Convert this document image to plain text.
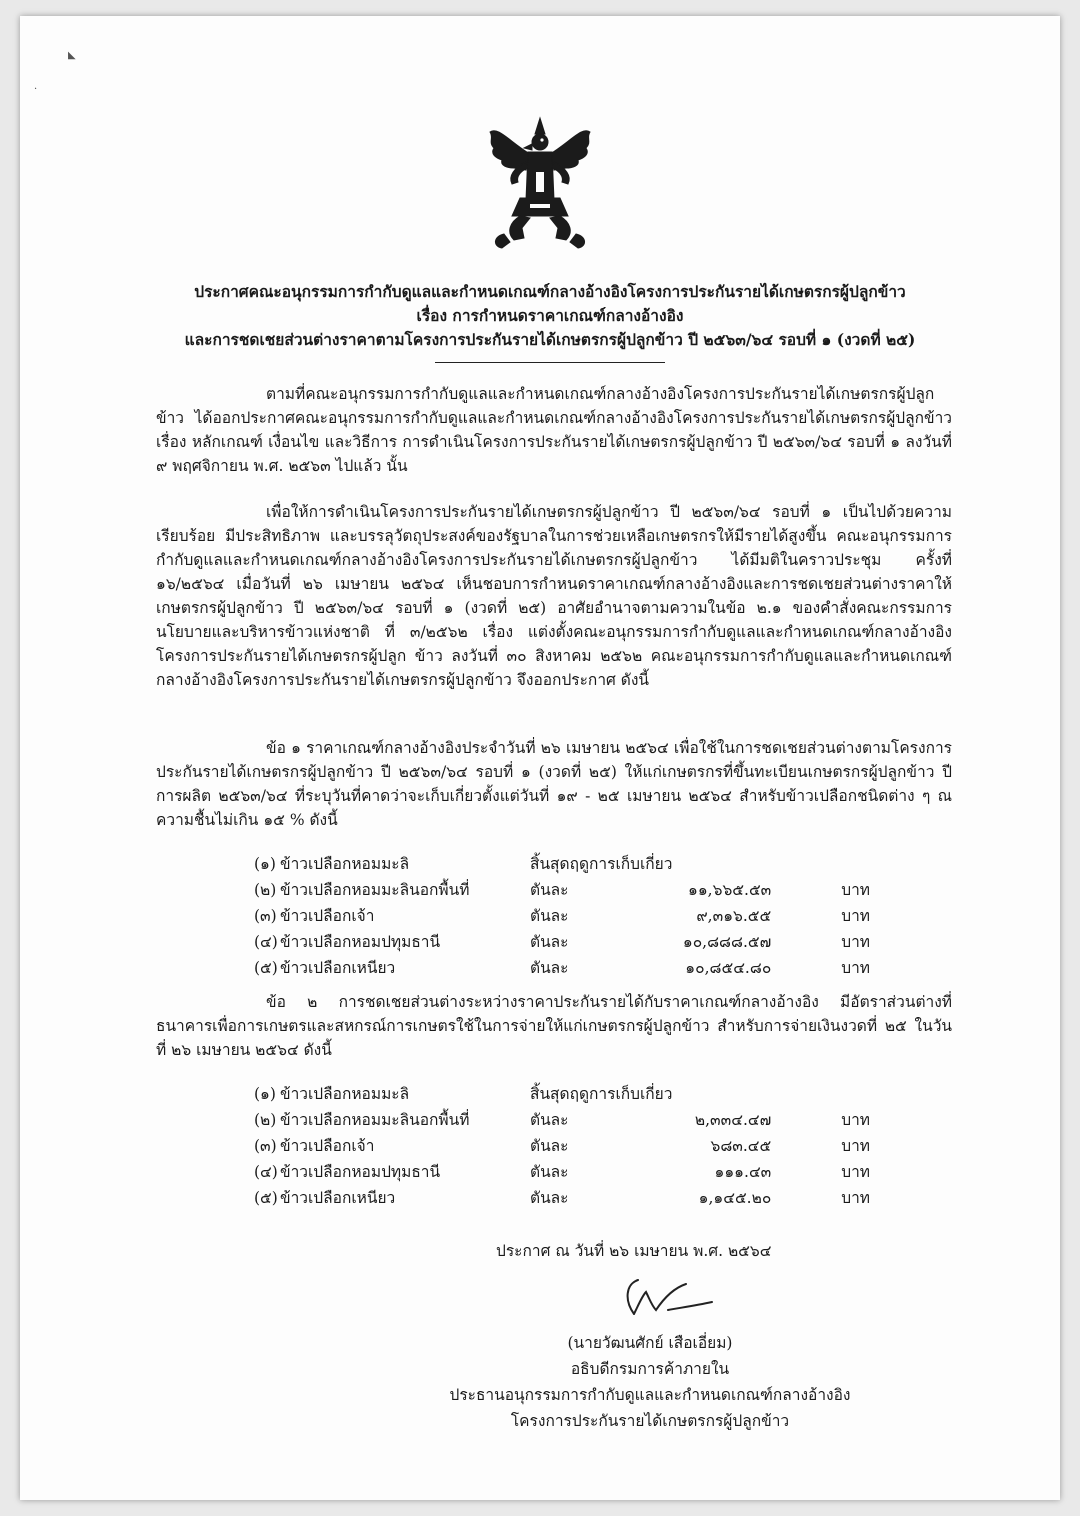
◣
·
ประกาศคณะอนุกรรมการกำกับดูแลและกำหนดเกณฑ์กลางอ้างอิงโครงการประกันรายได้เกษตรกรผู้ปลูกข้าว
เรื่อง การกำหนดราคาเกณฑ์กลางอ้างอิง
และการชดเชยส่วนต่างราคาตามโครงการประกันรายได้เกษตรกรผู้ปลูกข้าว ปี ๒๕๖๓/๖๔ รอบที่ ๑ (งวดที่ ๒๕)

ตามที่คณะอนุกรรมการกำกับดูแลและกำหนดเกณฑ์กลางอ้างอิงโครงการประกันรายได้เกษตรกรผู้ปลูกข้าว ได้ออกประกาศคณะอนุกรรมการกำกับดูแลและกำหนดเกณฑ์กลางอ้างอิงโครงการประกันรายได้เกษตรกรผู้ปลูกข้าว เรื่อง หลักเกณฑ์ เงื่อนไข และวิธีการ การดำเนินโครงการประกันรายได้เกษตรกรผู้ปลูกข้าว ปี ๒๕๖๓/๖๔ รอบที่ ๑ ลงวันที่ ๙ พฤศจิกายน พ.ศ. ๒๕๖๓ ไปแล้ว นั้น

เพื่อให้การดำเนินโครงการประกันรายได้เกษตรกรผู้ปลูกข้าว ปี ๒๕๖๓/๖๔ รอบที่ ๑ เป็นไปด้วยความเรียบร้อย มีประสิทธิภาพ และบรรลุวัตถุประสงค์ของรัฐบาลในการช่วยเหลือเกษตรกรให้มีรายได้สูงขึ้น คณะอนุกรรมการกำกับดูแลและกำหนดเกณฑ์กลางอ้างอิงโครงการประกันรายได้เกษตรกรผู้ปลูกข้าว ได้มีมติในคราวประชุม ครั้งที่ ๑๖/๒๕๖๔ เมื่อวันที่ ๒๖ เมษายน ๒๕๖๔ เห็นชอบการกำหนดราคาเกณฑ์กลางอ้างอิงและการชดเชยส่วนต่างราคาให้เกษตรกรผู้ปลูกข้าว ปี ๒๕๖๓/๖๔ รอบที่ ๑ (งวดที่ ๒๕) อาศัยอำนาจตามความในข้อ ๒.๑ ของคำสั่งคณะกรรมการนโยบายและบริหารข้าวแห่งชาติ ที่ ๓/๒๕๖๒ เรื่อง แต่งตั้งคณะอนุกรรมการกำกับดูแลและกำหนดเกณฑ์กลางอ้างอิงโครงการประกันรายได้เกษตรกรผู้ปลูก ข้าว ลงวันที่ ๓๐ สิงหาคม ๒๕๖๒ คณะอนุกรรมการกำกับดูแลและกำหนดเกณฑ์กลางอ้างอิงโครงการประกันรายได้เกษตรกรผู้ปลูกข้าว จึงออกประกาศ ดังนี้

ข้อ ๑ ราคาเกณฑ์กลางอ้างอิงประจำวันที่ ๒๖ เมษายน ๒๕๖๔ เพื่อใช้ในการชดเชยส่วนต่างตามโครงการประกันรายได้เกษตรกรผู้ปลูกข้าว ปี ๒๕๖๓/๖๔ รอบที่ ๑ (งวดที่ ๒๕) ให้แก่เกษตรกรที่ขึ้นทะเบียนเกษตรกรผู้ปลูกข้าว ปีการผลิต ๒๕๖๓/๖๔ ที่ระบุวันที่คาดว่าจะเก็บเกี่ยวตั้งแต่วันที่ ๑๙ - ๒๕ เมษายน ๒๕๖๔ สำหรับข้าวเปลือกชนิดต่าง ๆ ณ ความชื้นไม่เกิน ๑๕ % ดังนี้

(๑)	ข้าวเปลือกหอมมะลิ	สิ้นสุดฤดูการเก็บเกี่ยว		
(๒)	ข้าวเปลือกหอมมะลินอกพื้นที่	ตันละ	๑๑,๖๖๕.๕๓	บาท
(๓)	ข้าวเปลือกเจ้า	ตันละ	๙,๓๑๖.๕๕	บาท
(๔)	ข้าวเปลือกหอมปทุมธานี	ตันละ	๑๐,๘๘๘.๕๗	บาท
(๕)	ข้าวเปลือกเหนียว	ตันละ	๑๐,๘๕๔.๘๐	บาท

ข้อ ๒ การชดเชยส่วนต่างระหว่างราคาประกันรายได้กับราคาเกณฑ์กลางอ้างอิง มีอัตราส่วนต่างที่ธนาคารเพื่อการเกษตรและสหกรณ์การเกษตรใช้ในการจ่ายให้แก่เกษตรกรผู้ปลูกข้าว สำหรับการจ่ายเงินงวดที่ ๒๕ ในวันที่ ๒๖ เมษายน ๒๕๖๔ ดังนี้

(๑)	ข้าวเปลือกหอมมะลิ	สิ้นสุดฤดูการเก็บเกี่ยว		
(๒)	ข้าวเปลือกหอมมะลินอกพื้นที่	ตันละ	๒,๓๓๔.๔๗	บาท
(๓)	ข้าวเปลือกเจ้า	ตันละ	๖๘๓.๔๕	บาท
(๔)	ข้าวเปลือกหอมปทุมธานี	ตันละ	๑๑๑.๔๓	บาท
(๕)	ข้าวเปลือกเหนียว	ตันละ	๑,๑๔๕.๒๐	บาท
ประกาศ ณ วันที่ ๒๖ เมษายน พ.ศ. ๒๕๖๔
(นายวัฒนศักย์ เสือเอี่ยม)
อธิบดีกรมการค้าภายใน
ประธานอนุกรรมการกำกับดูแลและกำหนดเกณฑ์กลางอ้างอิง
โครงการประกันรายได้เกษตรกรผู้ปลูกข้าว
